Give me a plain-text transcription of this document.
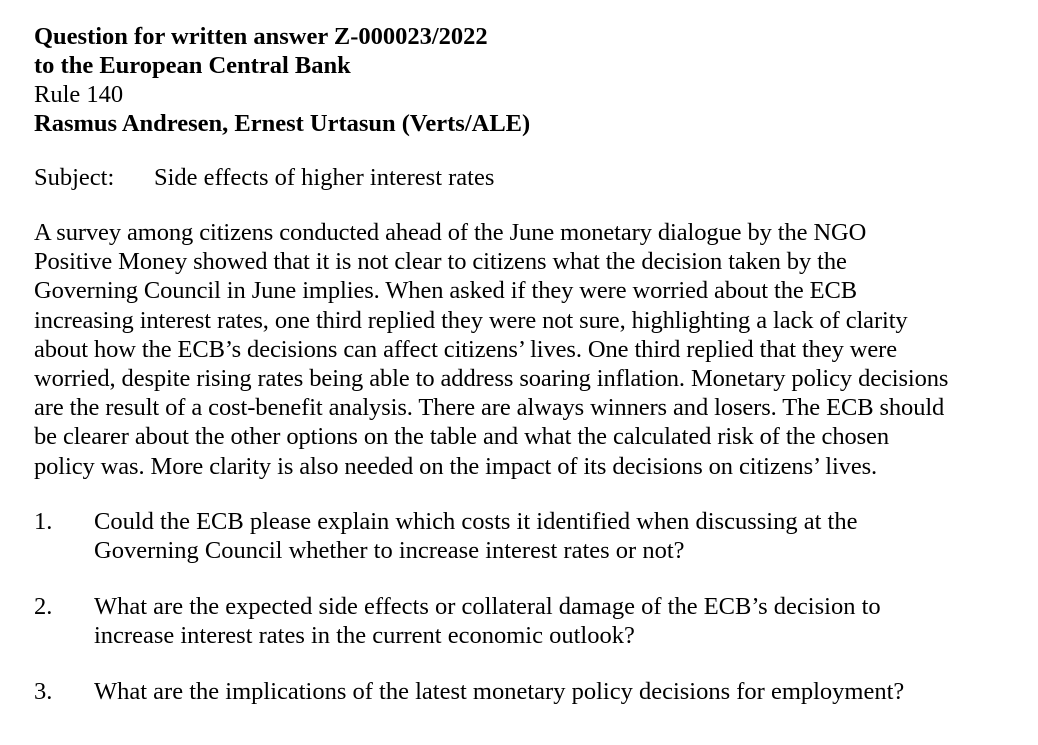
Question for written answer Z-000023/2022
to the European Central Bank
Rule 140
Rasmus Andresen, Ernest Urtasun (Verts/ALE)
Subject: Side effects of higher interest rates
A survey among citizens conducted ahead of the June monetary dialogue by the NGO
Positive Money showed that it is not clear to citizens what the decision taken by the
Governing Council in June implies. When asked if they were worried about the ECB
increasing interest rates, one third replied they were not sure, highlighting a lack of clarity
about how the ECB’s decisions can affect citizens’ lives. One third replied that they were
worried, despite rising rates being able to address soaring inflation. Monetary policy decisions
are the result of a cost-benefit analysis. There are always winners and losers. The ECB should
be clearer about the other options on the table and what the calculated risk of the chosen
policy was. More clarity is also needed on the impact of its decisions on citizens’ lives.
1.	Could the ECB please explain which costs it identified when discussing at the
Governing Council whether to increase interest rates or not?
2.	What are the expected side effects or collateral damage of the ECB’s decision to
increase interest rates in the current economic outlook?
3.	What are the implications of the latest monetary policy decisions for employment?
